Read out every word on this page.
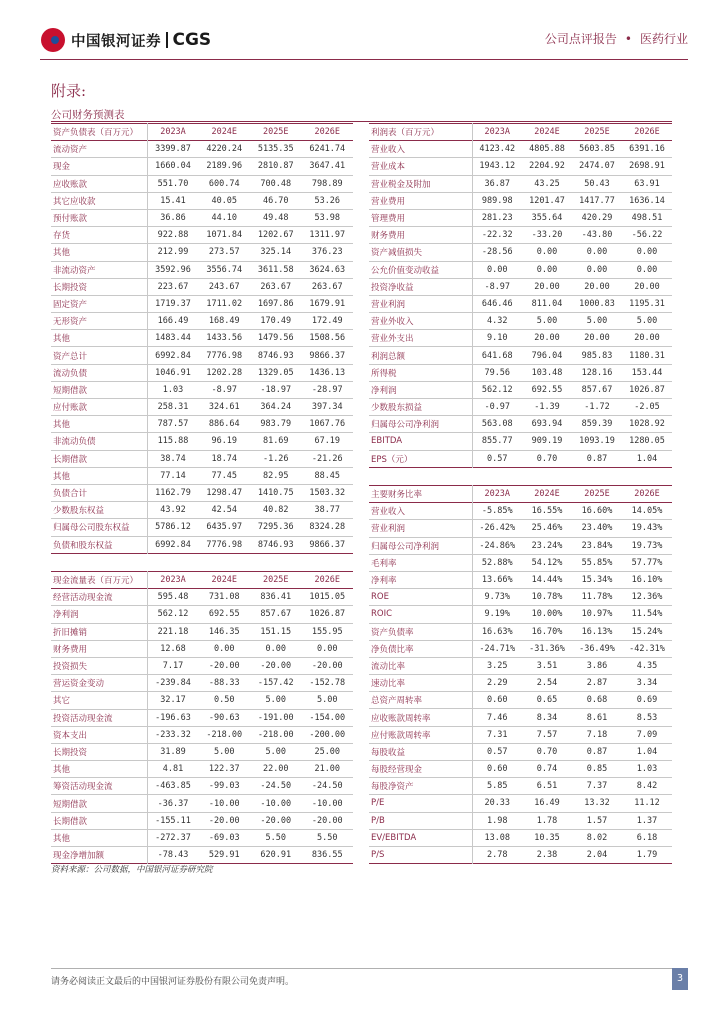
中国银河证券 CGS	公司点评报告 • 医药行业
附录:
公司财务预测表
资产负债表（百万元）	2023A	2024E	2025E	2026E
流动资产	3399.87	4220.24	5135.35	6241.74
现金	1660.04	2189.96	2810.87	3647.41
应收账款	551.70	600.74	700.48	798.89
其它应收款	15.41	40.05	46.70	53.26
预付账款	36.86	44.10	49.48	53.98
存货	922.88	1071.84	1202.67	1311.97
其他	212.99	273.57	325.14	376.23
非流动资产	3592.96	3556.74	3611.58	3624.63
长期投资	223.67	243.67	263.67	263.67
固定资产	1719.37	1711.02	1697.86	1679.91
无形资产	166.49	168.49	170.49	172.49
其他	1483.44	1433.56	1479.56	1508.56
资产总计	6992.84	7776.98	8746.93	9866.37
流动负债	1046.91	1202.28	1329.05	1436.13
短期借款	1.03	-8.97	-18.97	-28.97
应付账款	258.31	324.61	364.24	397.34
其他	787.57	886.64	983.79	1067.76
非流动负债	115.88	96.19	81.69	67.19
长期借款	38.74	18.74	-1.26	-21.26
其他	77.14	77.45	82.95	88.45
负债合计	1162.79	1298.47	1410.75	1503.32
少数股东权益	43.92	42.54	40.82	38.77
归属母公司股东权益	5786.12	6435.97	7295.36	8324.28
负债和股东权益	6992.84	7776.98	8746.93	9866.37
利润表（百万元）	2023A	2024E	2025E	2026E
营业收入	4123.42	4805.88	5603.85	6391.16
营业成本	1943.12	2204.92	2474.07	2698.91
营业税金及附加	36.87	43.25	50.43	63.91
营业费用	989.98	1201.47	1417.77	1636.14
管理费用	281.23	355.64	420.29	498.51
财务费用	-22.32	-33.20	-43.80	-56.22
资产减值损失	-28.56	0.00	0.00	0.00
公允价值变动收益	0.00	0.00	0.00	0.00
投资净收益	-8.97	20.00	20.00	20.00
营业利润	646.46	811.04	1000.83	1195.31
营业外收入	4.32	5.00	5.00	5.00
营业外支出	9.10	20.00	20.00	20.00
利润总额	641.68	796.04	985.83	1180.31
所得税	79.56	103.48	128.16	153.44
净利润	562.12	692.55	857.67	1026.87
少数股东损益	-0.97	-1.39	-1.72	-2.05
归属母公司净利润	563.08	693.94	859.39	1028.92
EBITDA	855.77	909.19	1093.19	1280.05
EPS（元）	0.57	0.70	0.87	1.04
主要财务比率	2023A	2024E	2025E	2026E
营业收入	-5.85%	16.55%	16.60%	14.05%
营业利润	-26.42%	25.46%	23.40%	19.43%
归属母公司净利润	-24.86%	23.24%	23.84%	19.73%
毛利率	52.88%	54.12%	55.85%	57.77%
净利率	13.66%	14.44%	15.34%	16.10%
ROE	9.73%	10.78%	11.78%	12.36%
ROIC	9.19%	10.00%	10.97%	11.54%
资产负债率	16.63%	16.70%	16.13%	15.24%
净负债比率	-24.71%	-31.36%	-36.49%	-42.31%
流动比率	3.25	3.51	3.86	4.35
速动比率	2.29	2.54	2.87	3.34
总资产周转率	0.60	0.65	0.68	0.69
应收账款周转率	7.46	8.34	8.61	8.53
应付账款周转率	7.31	7.57	7.18	7.09
每股收益	0.57	0.70	0.87	1.04
每股经营现金	0.60	0.74	0.85	1.03
每股净资产	5.85	6.51	7.37	8.42
P/E	20.33	16.49	13.32	11.12
P/B	1.98	1.78	1.57	1.37
EV/EBITDA	13.08	10.35	8.02	6.18
P/S	2.78	2.38	2.04	1.79
现金流量表（百万元）	2023A	2024E	2025E	2026E
经营活动现金流	595.48	731.08	836.41	1015.05
净利润	562.12	692.55	857.67	1026.87
折旧摊销	221.18	146.35	151.15	155.95
财务费用	12.68	0.00	0.00	0.00
投资损失	7.17	-20.00	-20.00	-20.00
营运资金变动	-239.84	-88.33	-157.42	-152.78
其它	32.17	0.50	5.00	5.00
投资活动现金流	-196.63	-90.63	-191.00	-154.00
资本支出	-233.32	-218.00	-218.00	-200.00
长期投资	31.89	5.00	5.00	25.00
其他	4.81	122.37	22.00	21.00
筹资活动现金流	-463.85	-99.03	-24.50	-24.50
短期借款	-36.37	-10.00	-10.00	-10.00
长期借款	-155.11	-20.00	-20.00	-20.00
其他	-272.37	-69.03	5.50	5.50
现金净增加额	-78.43	529.91	620.91	836.55
资料来源：公司数据，中国银河证券研究院
请务必阅读正文最后的中国银河证券股份有限公司免责声明。	3
